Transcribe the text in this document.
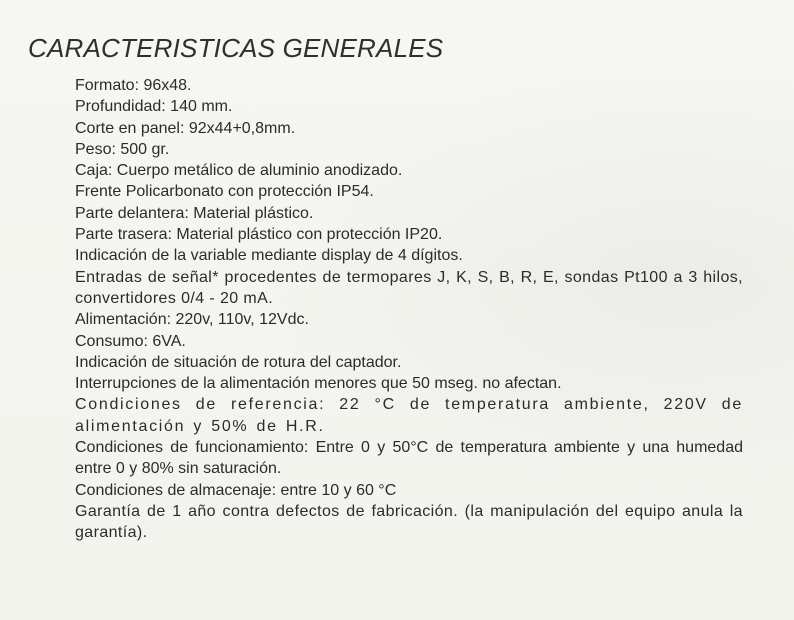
CARACTERISTICAS GENERALES
Formato: 96x48.
Profundidad: 140 mm.
Corte en panel: 92x44+0,8mm.
Peso: 500 gr.
Caja: Cuerpo metálico de aluminio anodizado.
Frente Policarbonato con protección IP54.
Parte delantera: Material plástico.
Parte trasera: Material plástico con protección IP20.
Indicación de la variable mediante display de 4 dígitos.
Entradas de señal* procedentes de termopares J, K, S, B, R, E, sondas Pt100 a 3 hilos, convertidores 0/4 - 20 mA.
Alimentación: 220v, 110v, 12Vdc.
Consumo: 6VA.
Indicación de situación de rotura del captador.
Interrupciones de la alimentación menores que 50 mseg. no afectan.
Condiciones de referencia: 22 °C de temperatura ambiente, 220V de alimentación y 50% de H.R.
Condiciones de funcionamiento: Entre 0 y 50°C de temperatura ambiente y una humedad entre 0 y 80% sin saturación.
Condiciones de almacenaje: entre 10 y 60 °C
Garantía de 1 año contra defectos de fabricación. (la manipulación del equipo anula la garantía).
